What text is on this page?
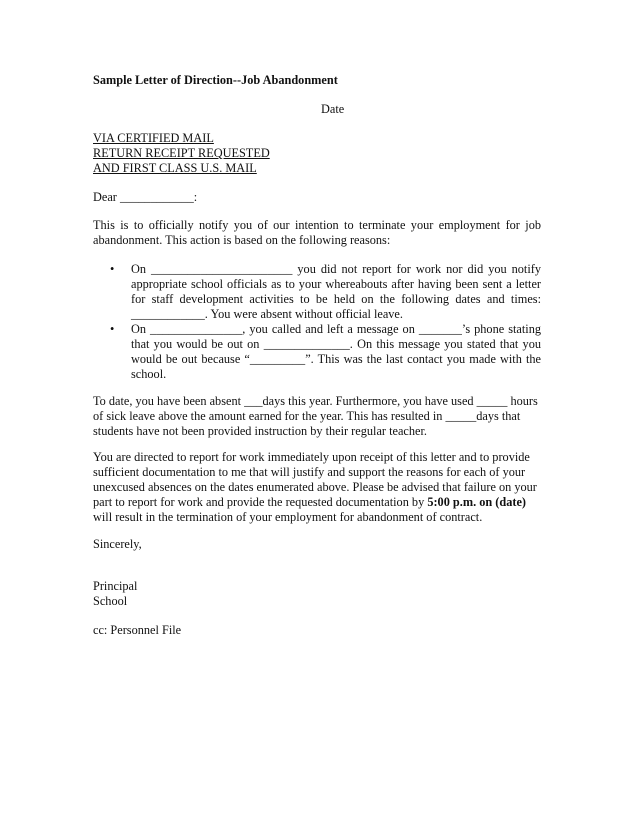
Sample Letter of Direction--Job Abandonment
Date
VIA CERTIFIED MAIL
RETURN RECEIPT REQUESTED
AND FIRST CLASS U.S. MAIL
Dear ____________:
This is to officially notify you of our intention to terminate your employment for job abandonment. This action is based on the following reasons:
• On _______________________ you did not report for work nor did you notify appropriate school officials as to your whereabouts after having been sent a letter for staff development activities to be held on the following dates and times: ____________. You were absent without official leave.
• On _______________, you called and left a message on _______’s phone stating that you would be out on ______________. On this message you stated that you would be out because “_________”. This was the last contact you made with the school.
To date, you have been absent ___days this year. Furthermore, you have used _____ hours of sick leave above the amount earned for the year. This has resulted in _____days that students have not been provided instruction by their regular teacher.
You are directed to report for work immediately upon receipt of this letter and to provide sufficient documentation to me that will justify and support the reasons for each of your unexcused absences on the dates enumerated above. Please be advised that failure on your part to report for work and provide the requested documentation by 5:00 p.m. on (date) will result in the termination of your employment for abandonment of contract.
Sincerely,
Principal
School
cc: Personnel File
